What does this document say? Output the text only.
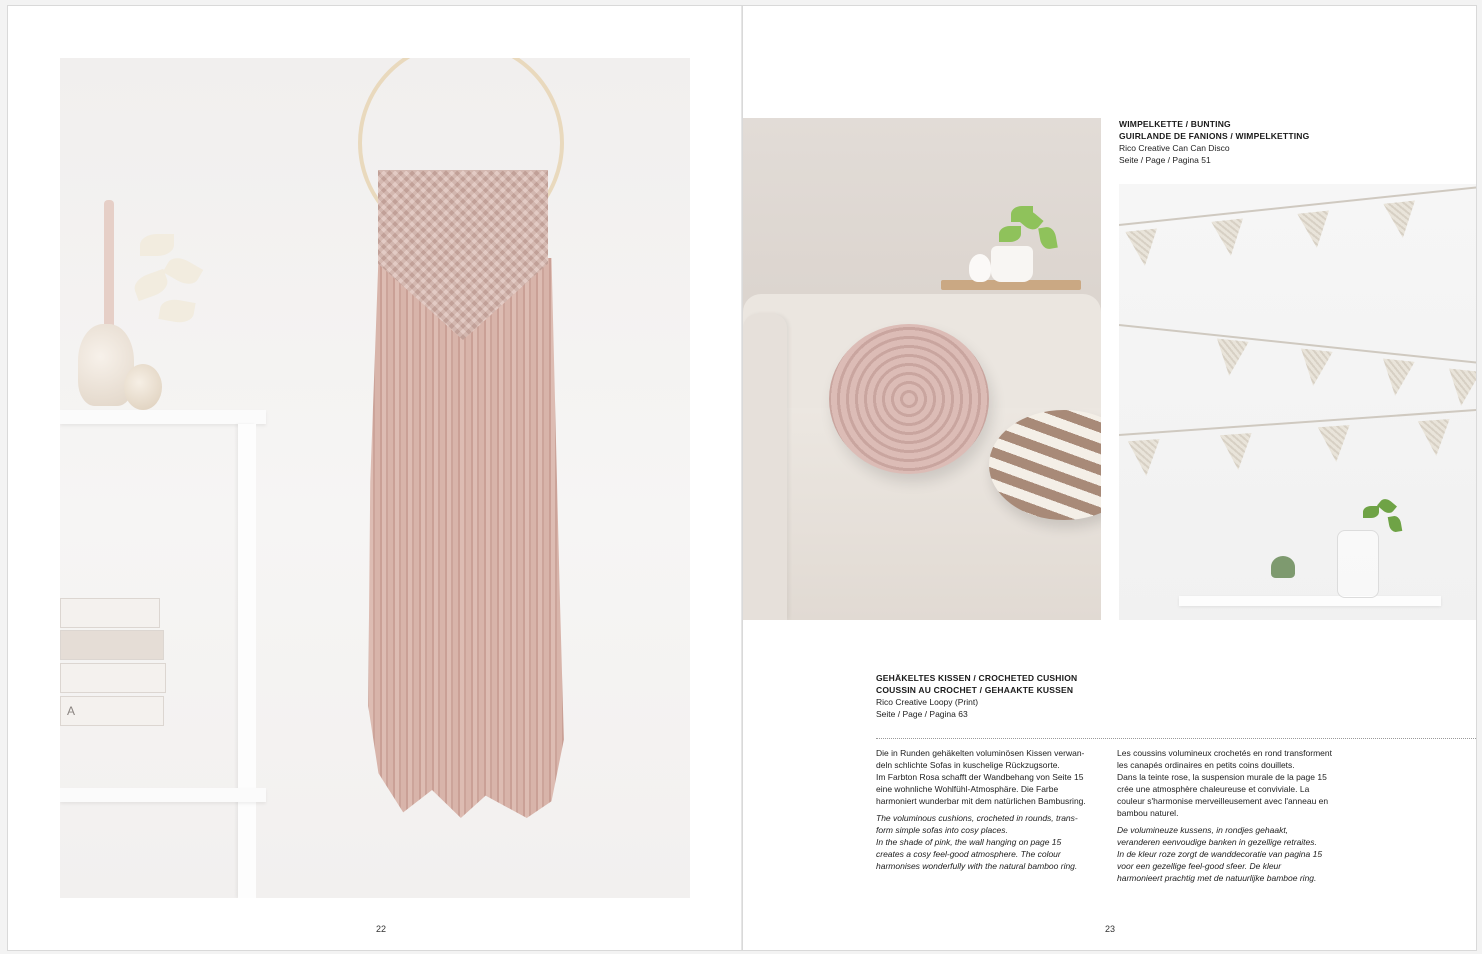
A
22

WIMPELKETTE / BUNTING

GUIRLANDE DE FANIONS / WIMPELKETTING

Rico Creative Can Can Disco

Seite / Page / Pagina 51

GEHÄKELTES KISSEN / CROCHETED CUSHION

COUSSIN AU CROCHET / GEHAAKTE KUSSEN

Rico Creative Loopy (Print)

Seite / Page / Pagina 63

Die in Runden gehäkelten voluminösen Kissen verwan-
deln schlichte Sofas in kuschelige Rückzugsorte.
Im Farbton Rosa schafft der Wandbehang von Seite 15
eine wohnliche Wohlfühl-Atmosphäre. Die Farbe
harmoniert wunderbar mit dem natürlichen Bambusring.

The voluminous cushions, crocheted in rounds, trans-
form simple sofas into cosy places.
In the shade of pink, the wall hanging on page 15
creates a cosy feel-good atmosphere. The colour
harmonises wonderfully with the natural bamboo ring.

Les coussins volumineux crochetés en rond transforment
les canapés ordinaires en petits coins douillets.
Dans la teinte rose, la suspension murale de la page 15
crée une atmosphère chaleureuse et conviviale. La
couleur s'harmonise merveilleusement avec l'anneau en
bambou naturel.

De volumineuze kussens, in rondjes gehaakt,
veranderen eenvoudige banken in gezellige retraites.
In de kleur roze zorgt de wanddecoratie van pagina 15
voor een gezellige feel-good sfeer. De kleur
harmonieert prachtig met de natuurlijke bamboe ring.

23
